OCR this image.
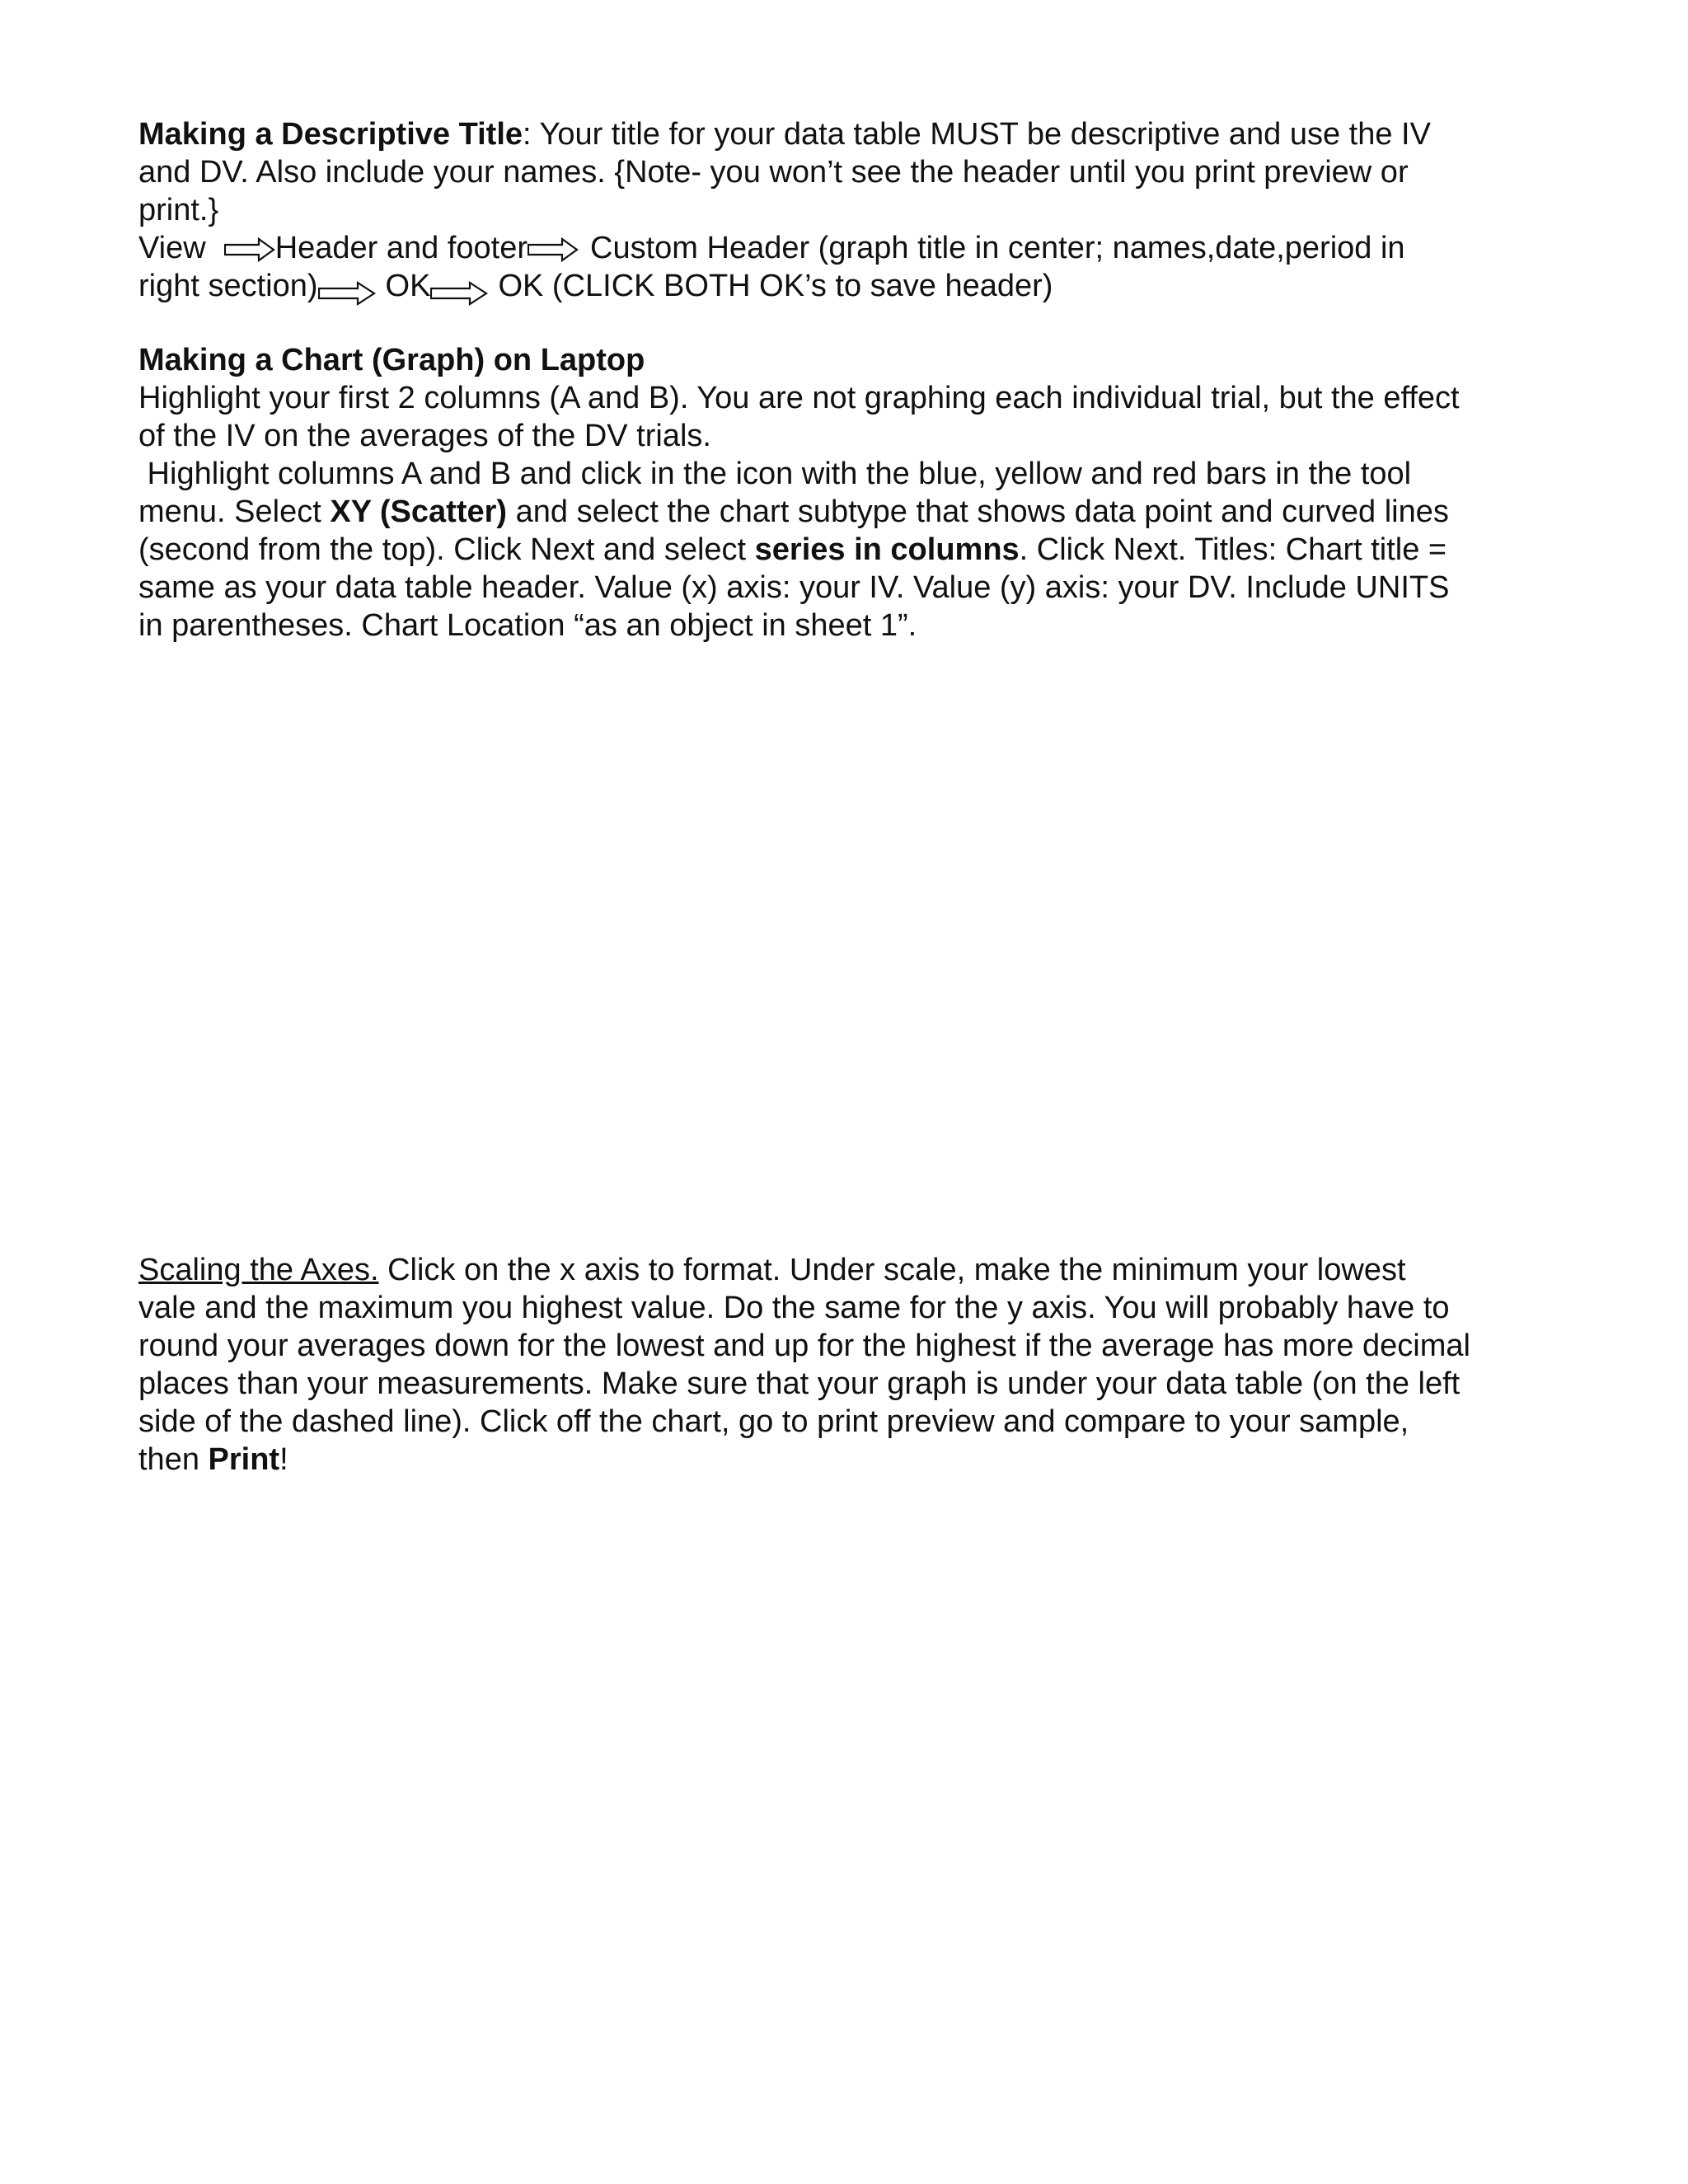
Making a Descriptive Title: Your title for your data table MUST be descriptive and use the IV

and DV. Also include your names. {Note- you won’t see the header until you print preview or

print.}

View Header and footer Custom Header (graph title in center; names,date,period in

right section) OK OK (CLICK BOTH OK’s to save header)

Making a Chart (Graph) on Laptop

Highlight your first 2 columns (A and B). You are not graphing each individual trial, but the effect

of the IV on the averages of the DV trials.

Highlight columns A and B and click in the icon with the blue, yellow and red bars in the tool

menu. Select XY (Scatter) and select the chart subtype that shows data point and curved lines

(second from the top). Click Next and select series in columns. Click Next. Titles: Chart title =

same as your data table header. Value (x) axis: your IV. Value (y) axis: your DV. Include UNITS

in parentheses. Chart Location “as an object in sheet 1”.

Scaling the Axes. Click on the x axis to format. Under scale, make the minimum your lowest

vale and the maximum you highest value. Do the same for the y axis. You will probably have to

round your averages down for the lowest and up for the highest if the average has more decimal

places than your measurements. Make sure that your graph is under your data table (on the left

side of the dashed line). Click off the chart, go to print preview and compare to your sample,

then Print!
